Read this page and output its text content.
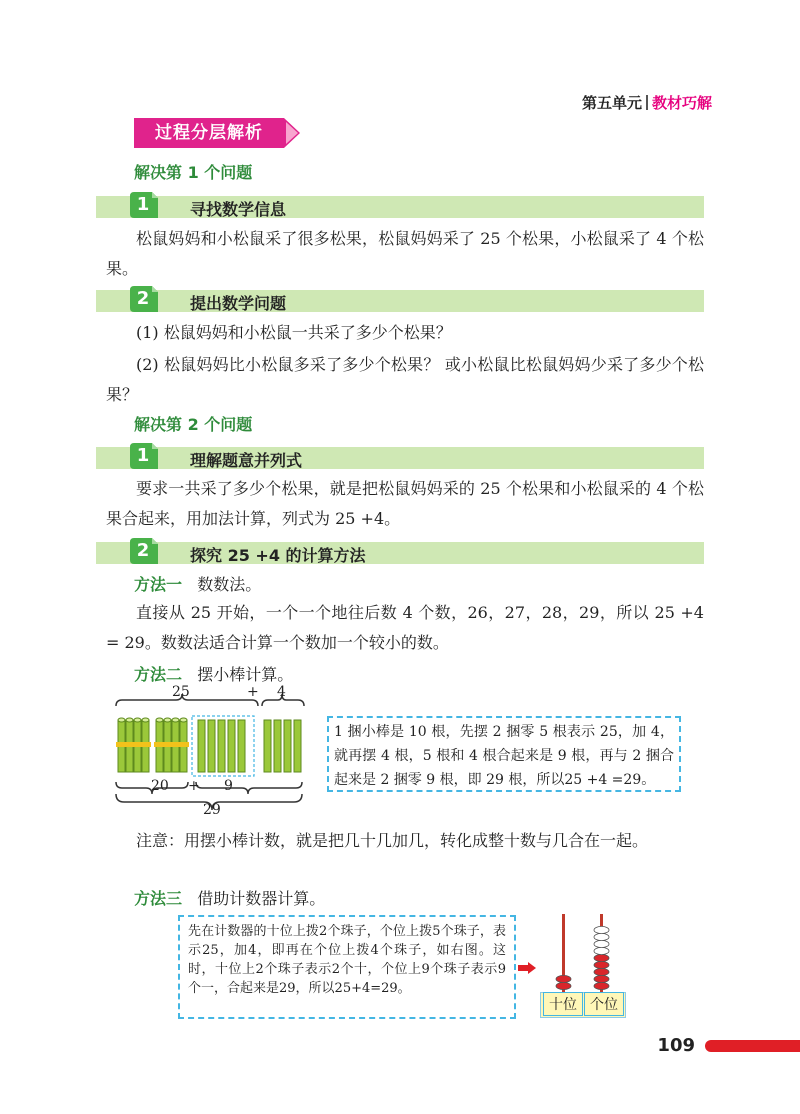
第五单元 教材巧解
过程分层解析
解决第 1 个问题
1	寻找数学信息
松鼠妈妈和小松鼠采了很多松果，松鼠妈妈采了 25 个松果，小松鼠采了 4 个松果。
2	提出数学问题
(1) 松鼠妈妈和小松鼠一共采了多少个松果？
(2) 松鼠妈妈比小松鼠多采了多少个松果？ 或小松鼠比松鼠妈妈少采了多少个松果？
解决第 2 个问题
1	理解题意并列式
要求一共采了多少个松果，就是把松鼠妈妈采的 25 个松果和小松鼠采的 4 个松果合起来，用加法计算，列式为 25 +4。
2	探究 25 +4 的计算方法
方法一 数数法。
直接从 25 开始，一个一个地往后数 4 个数，26，27，28，29，所以 25 +4 = 29。数数法适合计算一个数加一个较小的数。
方法二 摆小棒计算。
25	+ 4
20 + 9
29
1 捆小棒是 10 根，先摆 2 捆零 5 根表示 25，加 4，就再摆 4 根，5 根和 4 根合起来是 9 根，再与 2 捆合起来是 2 捆零 9 根，即 29 根，所以25 +4 =29。
注意：用摆小棒计数，就是把几十几加几，转化成整十数与几合在一起。
方法三 借助计数器计算。
先在计数器的十位上拨2个珠子，个位上拨5个珠子，表示25，加4，即再在个位上拨4个珠子，如右图。这时，十位上2个珠子表示2个十，个位上9个珠子表示9个一，合起来是29，所以25+4=29。
十位 个位
109
